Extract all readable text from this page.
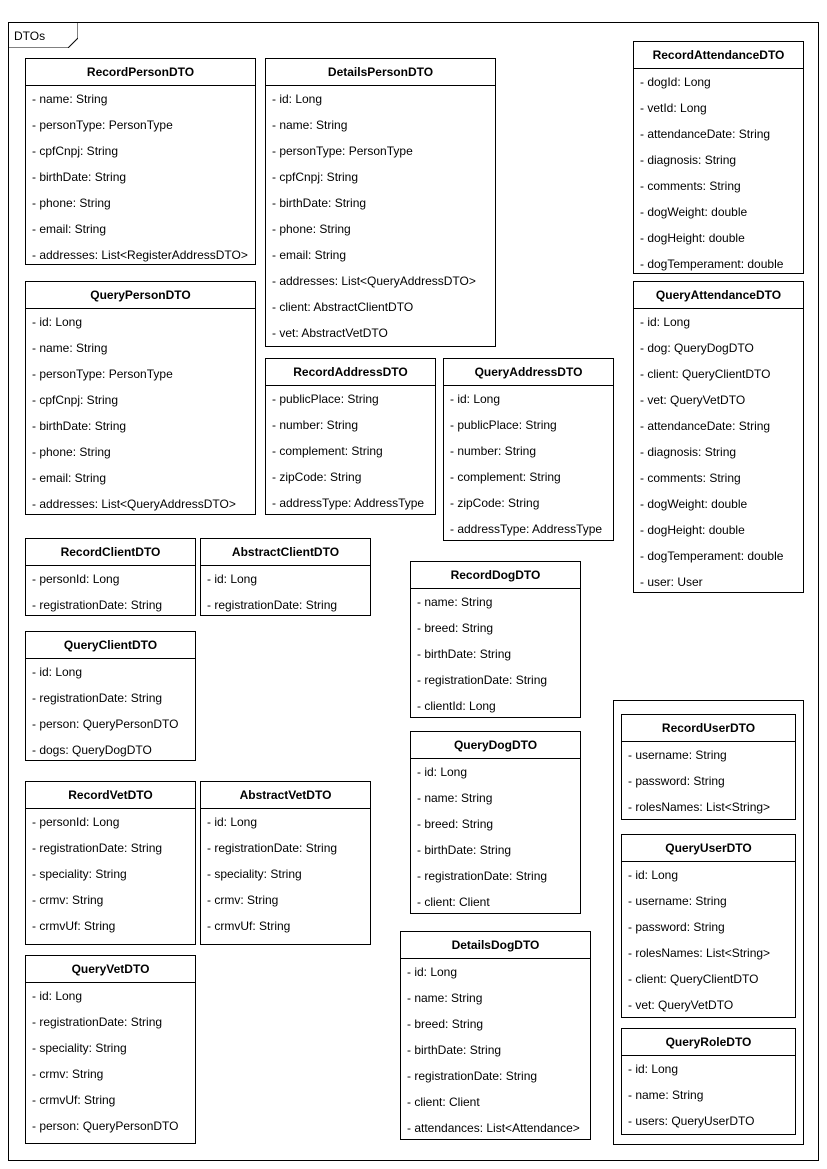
DTOs
RecordPersonDTO
- name: String
- personType: PersonType
- cpfCnpj: String
- birthDate: String
- phone: String
- email: String
- addresses: List<RegisterAddressDTO>
DetailsPersonDTO
- id: Long
- name: String
- personType: PersonType
- cpfCnpj: String
- birthDate: String
- phone: String
- email: String
- addresses: List<QueryAddressDTO>
- client: AbstractClientDTO
- vet: AbstractVetDTO
QueryPersonDTO
- id: Long
- name: String
- personType: PersonType
- cpfCnpj: String
- birthDate: String
- phone: String
- email: String
- addresses: List<QueryAddressDTO>
RecordAddressDTO
- publicPlace: String
- number: String
- complement: String
- zipCode: String
- addressType: AddressType
QueryAddressDTO
- id: Long
- publicPlace: String
- number: String
- complement: String
- zipCode: String
- addressType: AddressType
RecordAttendanceDTO
- dogId: Long
- vetId: Long
- attendanceDate: String
- diagnosis: String
- comments: String
- dogWeight: double
- dogHeight: double
- dogTemperament: double
QueryAttendanceDTO
- id: Long
- dog: QueryDogDTO
- client: QueryClientDTO
- vet: QueryVetDTO
- attendanceDate: String
- diagnosis: String
- comments: String
- dogWeight: double
- dogHeight: double
- dogTemperament: double
- user: User
RecordClientDTO
- personId: Long
- registrationDate: String
AbstractClientDTO
- id: Long
- registrationDate: String
QueryClientDTO
- id: Long
- registrationDate: String
- person: QueryPersonDTO
- dogs: QueryDogDTO
RecordDogDTO
- name: String
- breed: String
- birthDate: String
- registrationDate: String
- clientId: Long
QueryDogDTO
- id: Long
- name: String
- breed: String
- birthDate: String
- registrationDate: String
- client: Client
DetailsDogDTO
- id: Long
- name: String
- breed: String
- birthDate: String
- registrationDate: String
- client: Client
- attendances: List<Attendance>
RecordVetDTO
- personId: Long
- registrationDate: String
- speciality: String
- crmv: String
- crmvUf: String
AbstractVetDTO
- id: Long
- registrationDate: String
- speciality: String
- crmv: String
- crmvUf: String
QueryVetDTO
- id: Long
- registrationDate: String
- speciality: String
- crmv: String
- crmvUf: String
- person: QueryPersonDTO
RecordUserDTO
- username: String
- password: String
- rolesNames: List<String>
QueryUserDTO
- id: Long
- username: String
- password: String
- rolesNames: List<String>
- client: QueryClientDTO
- vet: QueryVetDTO
QueryRoleDTO
- id: Long
- name: String
- users: QueryUserDTO
